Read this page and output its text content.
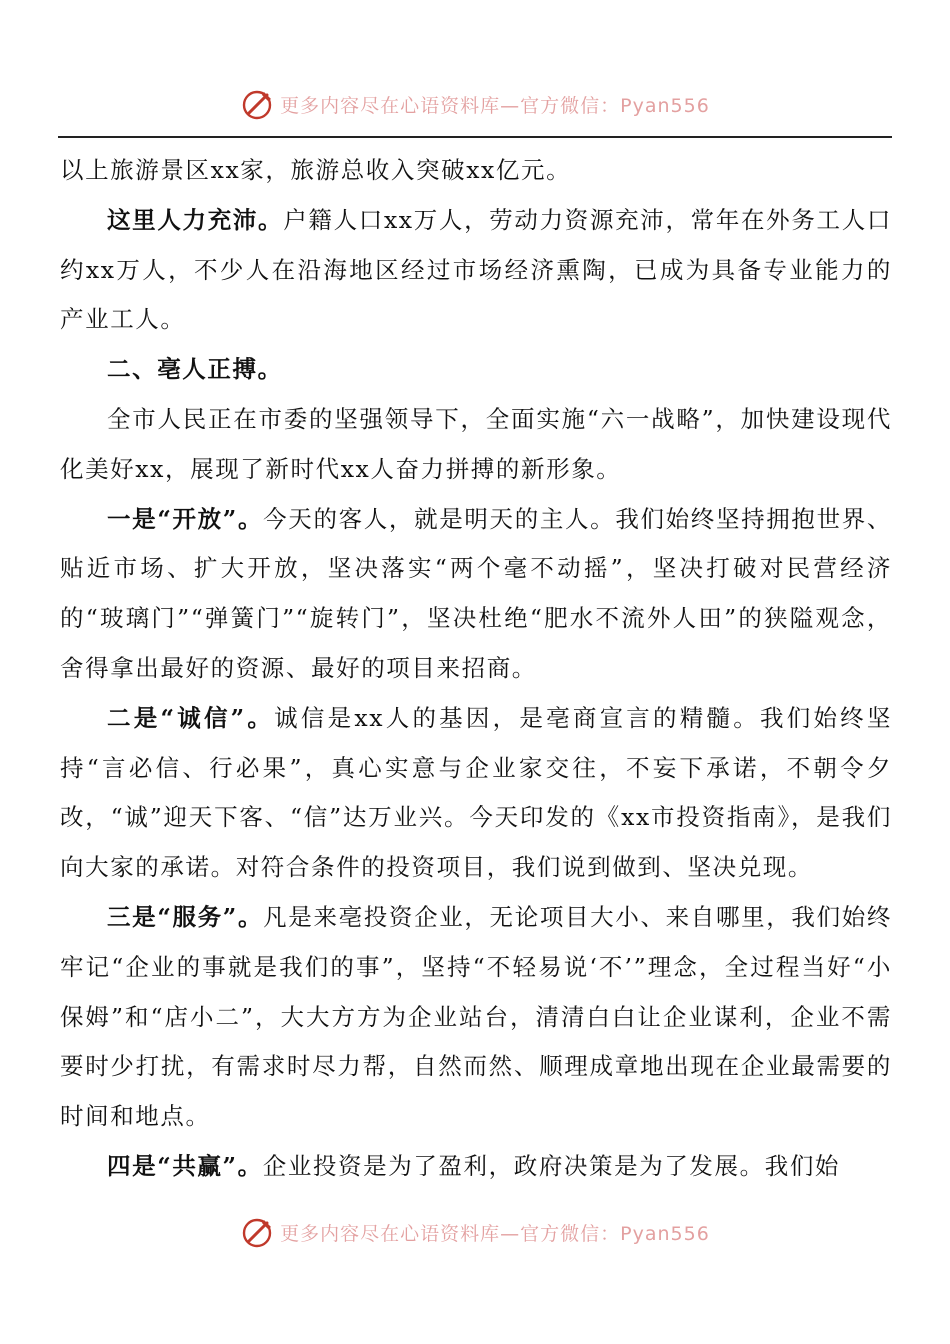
更多内容尽在心语资料库—官方微信：Pyan556

以上旅游景区xx家，旅游总收入突破xx亿元。

这里人力充沛。户籍人口xx万人，劳动力资源充沛，常年在外务工人口约xx万人，不少人在沿海地区经过市场经济熏陶，已成为具备专业能力的产业工人。

二、亳人正搏。

全市人民正在市委的坚强领导下，全面实施“六一战略”，加快建设现代化美好xx，展现了新时代xx人奋力拼搏的新形象。

一是“开放”。今天的客人，就是明天的主人。我们始终坚持拥抱世界、贴近市场、扩大开放，坚决落实“两个毫不动摇”，坚决打破对民营经济的“玻璃门”“弹簧门”“旋转门”，坚决杜绝“肥水不流外人田”的狭隘观念，舍得拿出最好的资源、最好的项目来招商。

二是“诚信”。诚信是xx人的基因，是亳商宣言的精髓。我们始终坚持“言必信、行必果”，真心实意与企业家交往，不妄下承诺，不朝令夕改，“诚”迎天下客、“信”达万业兴。今天印发的《xx市投资指南》，是我们向大家的承诺。对符合条件的投资项目，我们说到做到、坚决兑现。

三是“服务”。凡是来亳投资企业，无论项目大小、来自哪里，我们始终牢记“企业的事就是我们的事”，坚持“不轻易说‘不’”理念，全过程当好“小保姆”和“店小二”，大大方方为企业站台，清清白白让企业谋利，企业不需要时少打扰，有需求时尽力帮，自然而然、顺理成章地出现在企业最需要的时间和地点。

四是“共赢”。企业投资是为了盈利，政府决策是为了发展。我们始

更多内容尽在心语资料库—官方微信：Pyan556
